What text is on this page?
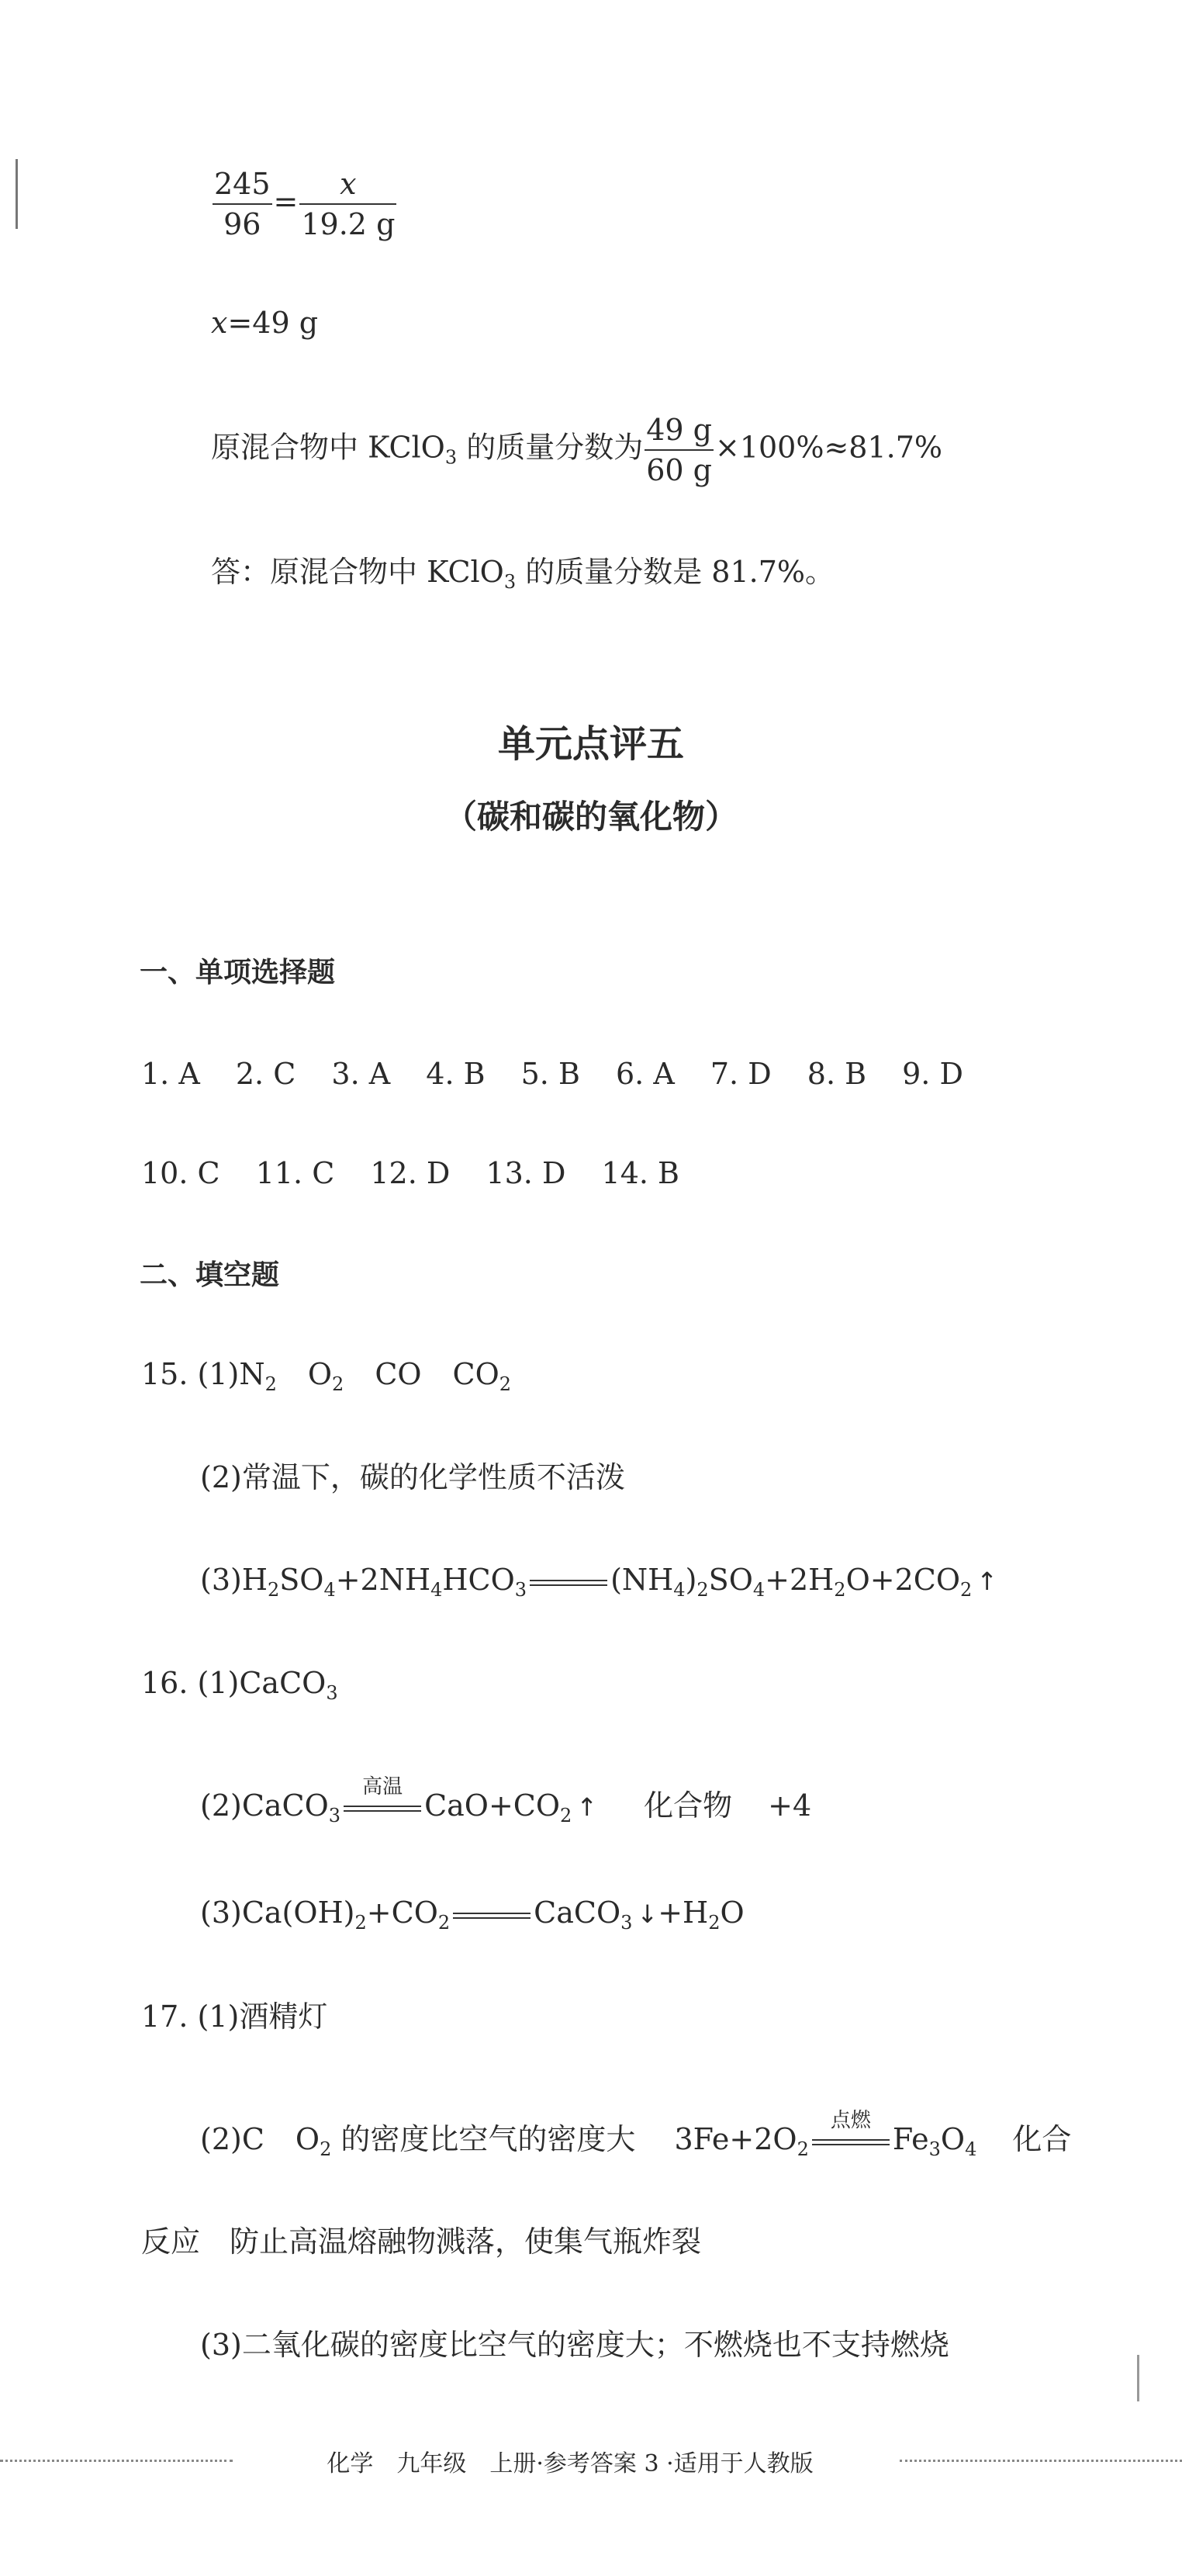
$\frac{245}{96} = \frac{x}{19.2 g}$
x=49 g
原混合物中 KClO$_3$ 的质量分数为 $\frac{49 g}{60 g} \times 100\%\approx 81.7\%$
答：原混合物中 KClO$_3$ 的质量分数是 81.7%。
单元点评五
（碳和碳的氧化物）
一、单项选择题
1. A 2. C 3. A 4. B 5. B 6. A 7. D 8. B 9. D
10. C 11. C 12. D 13. D 14. B
二、填空题
15. $(1)N_2$ $O_2$ CO $CO_2$
(2)常温下，碳的化学性质不活泼
$(3)H_2SO_4+2NH_4HCO_3$	$(NH_4)_2SO_4+2H_2O+2CO_2$ ↑
16. (1)CaCO$_3$
(2)CaCO$_3$
高温
$CaO+CO_2$ ↑ 化合物 +4
$(3)Ca(OH)_2+CO_2$	CaCO$_3$ $↓+H_2O$
17. (1)酒精灯
(2)C $O_2$ 的密度比空气的密度大 $3Fe+2O_2$
点燃
$Fe_3O_4$ 化合
反应　防止高温熔融物溅落，使集气瓶炸裂
(3)二氧化碳的密度比空气的密度大；不燃烧也不支持燃烧
化学　九年级　上册·参考答案 3 ·适用于人教版
